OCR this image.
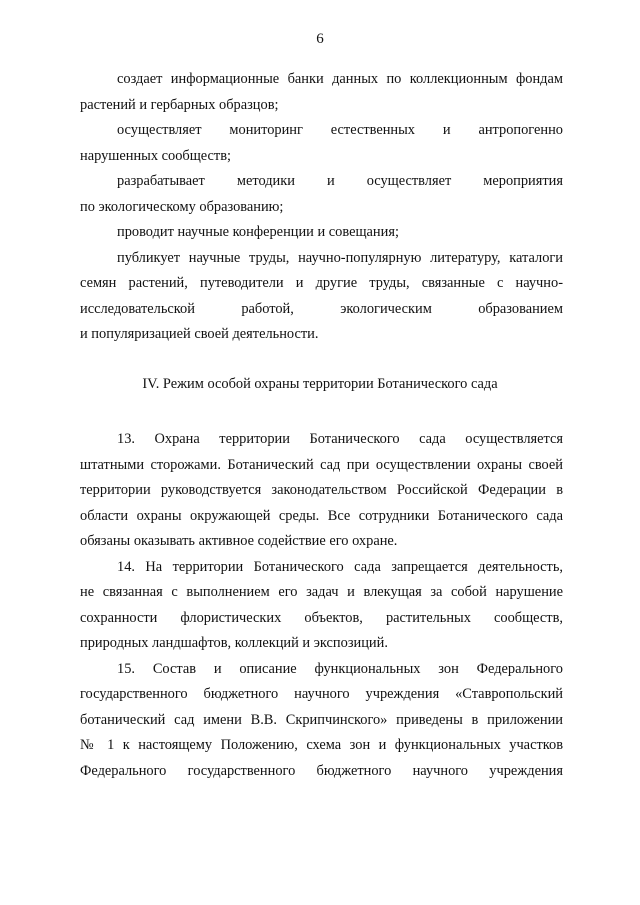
6
создает информационные банки данных по коллекционным фондам
растений и гербарных образцов;
осуществляет мониторинг естественных и антропогенно
нарушенных сообществ;
разрабатывает методики и осуществляет мероприятия
по экологическому образованию;
проводит научные конференции и совещания;
публикует научные труды, научно-популярную литературу, каталоги
семян растений, путеводители и другие труды, связанные с научно-
исследовательской работой, экологическим образованием
и популяризацией своей деятельности.
IV. Режим особой охраны территории Ботанического сада
13. Охрана территории Ботанического сада осуществляется
штатными сторожами. Ботанический сад при осуществлении охраны своей
территории руководствуется законодательством Российской Федерации в
области охраны окружающей среды. Все сотрудники Ботанического сада
обязаны оказывать активное содействие его охране.
14. На территории Ботанического сада запрещается деятельность,
не связанная с выполнением его задач и влекущая за собой нарушение
сохранности флористических объектов, растительных сообществ,
природных ландшафтов, коллекций и экспозиций.
15. Состав и описание функциональных зон Федерального
государственного бюджетного научного учреждения «Ставропольский
ботанический сад имени В.В. Скрипчинского» приведены в приложении
№ 1 к настоящему Положению, схема зон и функциональных участков
Федерального государственного бюджетного научного учреждения
